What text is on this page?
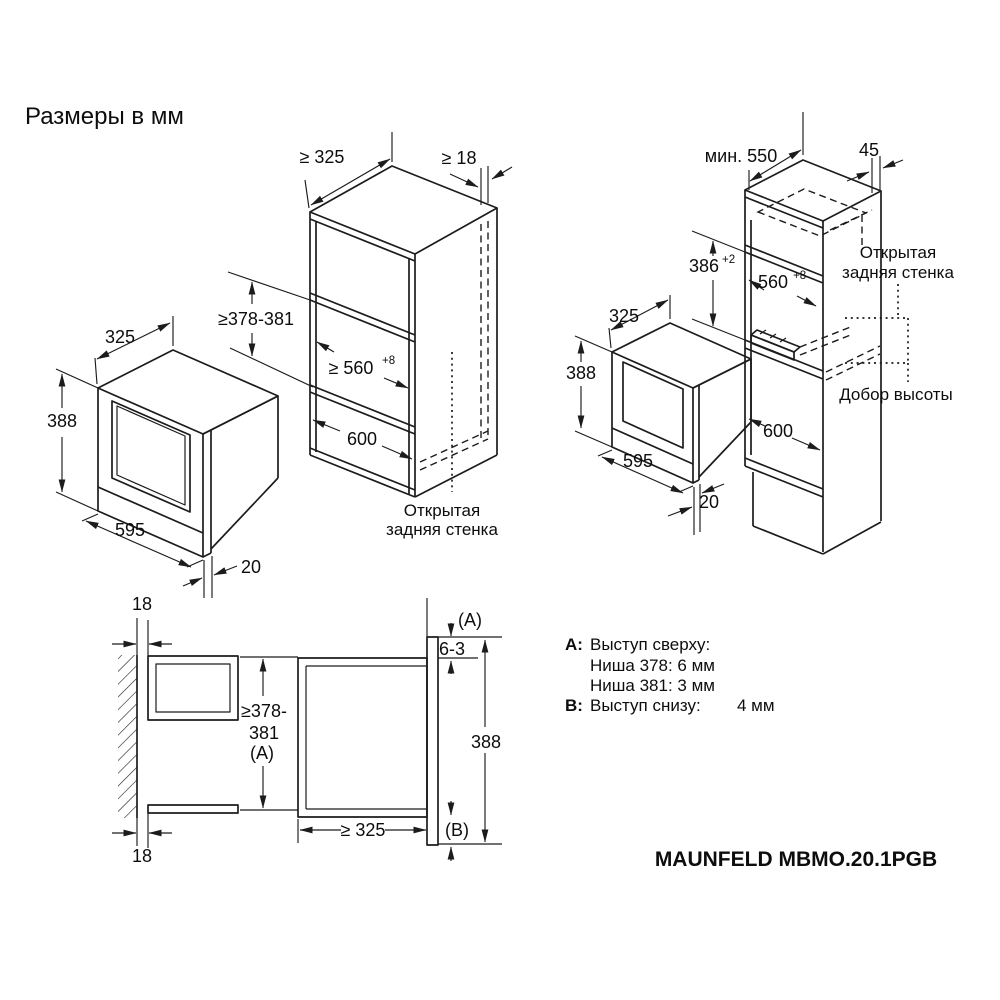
Размеры в мм
325
388
595
20
Открытая
задняя стенка
≥ 325	≥ 18
≥378-381
≥ 560 +8
600
Открытая
задняя стенка
Добор высоты
мин. 550	45
386 +2
560 +8
600
325
388
595
20
18
18
≥378-
381
(A)
(A)
6-3
388
(B)
≥ 325
A: Выступ сверху:
Ниша 378: 6 мм
Ниша 381: 3 мм
B: Выступ снизу: 4 мм
MAUNFELD MBMO.20.1PGB
